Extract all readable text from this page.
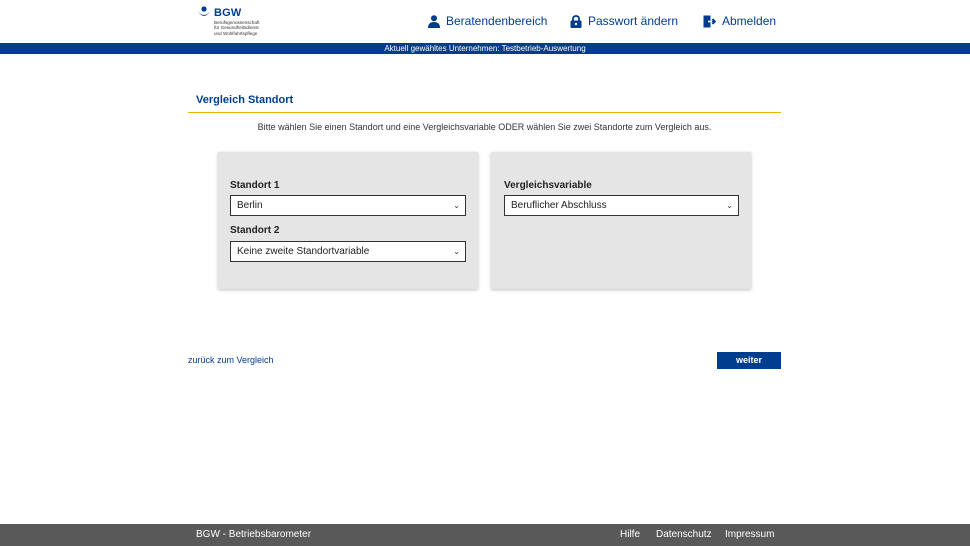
BGW
Berufsgenossenschaft
für Gesundheitsdienst
und Wohlfahrtspflege
Beratendenbereich	Passwort ändern	Abmelden
Aktuell gewähltes Unternehmen: Testbetrieb-Auswertung
Vergleich Standort
Bitte wählen Sie einen Standort und eine Vergleichsvariable ODER wählen Sie zwei Standorte zum Vergleich aus.
Standort 1
Berlin	⌄
Standort 2
Keine zweite Standortvariable	⌄
Vergleichsvariable
Beruflicher Abschluss	⌄
zurück zum Vergleich	weiter
BGW - Betriebsbarometer	Hilfe Datenschutz Impressum
